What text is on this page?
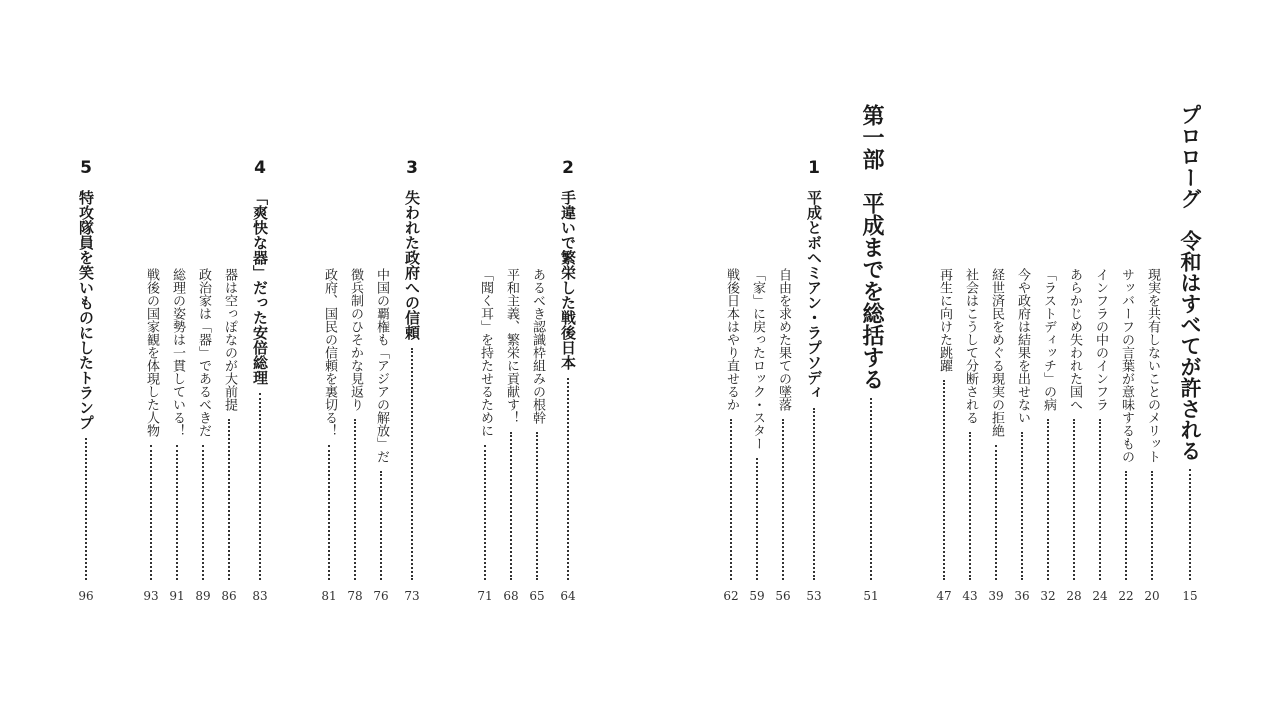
プロローグ　令和はすべてが許される
15
現実を共有しないことのメリット
20
サッバーフの言葉が意味するもの
22
インフラの中のインフラ
24
あらかじめ失われた国へ
28
「ラストディッチ」の病
32
今や政府は結果を出せない
36
経世済民をめぐる現実の拒絶
39
社会はこうして分断される
43
再生に向けた跳躍
47
第一部　平成までを総括する
51
1
平成とボヘミアン・ラプソディ
53
自由を求めた果ての墜落
56
「家」に戻ったロック・スター
59
戦後日本はやり直せるか
62
2
手違いで繁栄した戦後日本
64
あるべき認識枠組みの根幹
65
平和主義、繁栄に貢献す！
68
「聞く耳」を持たせるために
71
3
失われた政府への信頼
73
中国の覇権も「アジアの解放」だ
76
徴兵制のひそかな見返り
78
政府、国民の信頼を裏切る！
81
4
「爽快な器」だった安倍総理
83
器は空っぽなのが大前提
86
政治家は「器」であるべきだ
89
総理の姿勢は一貫している！
91
戦後の国家観を体現した人物
93
5
特攻隊員を笑いものにしたトランプ
96
